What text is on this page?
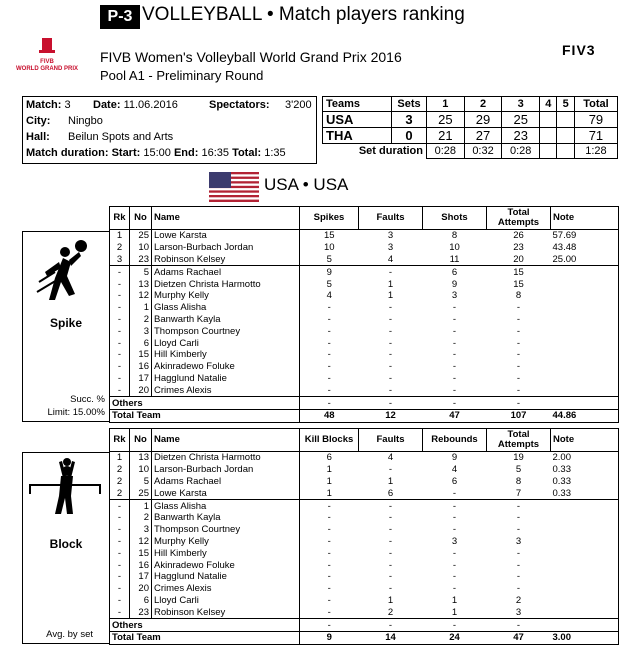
P-3 VOLLEYBALL • Match players ranking
FIVB Women's Volleyball World Grand Prix 2016
Pool A1 - Preliminary Round
FIVB
WORLD GRAND PRIX
FIV3
Match: 3 Date: 11.06.2016	Spectators: 3'200
City: Ningbo
Hall: Beilun Spots and Arts
Match duration: Start: 15:00 End: 16:35 Total: 1:35
Teams	Sets	1	2	3	4	5	Total
USA	3	25	29	25			79
THA	0	21	27	23			71
Set duration		0:28	0:32	0:28			1:28
USA • USA
Spike
Succ. %
Limit: 15.00%
Rk	No	Name	Spikes	Faults	Shots	Total Attempts	Note
1	25	Lowe Karsta	15	3	8	26	57.69
2	10	Larson-Burbach Jordan	10	3	10	23	43.48
3	23	Robinson Kelsey	5	4	11	20	25.00
-	5	Adams Rachael	9	-	6	15	
-	13	Dietzen Christa Harmotto	5	1	9	15	
-	12	Murphy Kelly	4	1	3	8	
-	1	Glass Alisha	-	-	-	-	
-	2	Banwarth Kayla	-	-	-	-	
-	3	Thompson Courtney	-	-	-	-	
-	6	Lloyd Carli	-	-	-	-	
-	15	Hill Kimberly	-	-	-	-	
-	16	Akinradewo Foluke	-	-	-	-	
-	17	Hagglund Natalie	-	-	-	-	
-	20	Crimes Alexis	-	-	-	-	
Others			-	-	-	-	
Total Team			48	12	47	107	44.86
Block
Avg. by set
Rk	No	Name	Kill Blocks	Faults	Rebounds	Total Attempts	Note
1	13	Dietzen Christa Harmotto	6	4	9	19	2.00
2	10	Larson-Burbach Jordan	1	-	4	5	0.33
2	5	Adams Rachael	1	1	6	8	0.33
2	25	Lowe Karsta	1	6	-	7	0.33
-	1	Glass Alisha	-	-	-	-	
-	2	Banwarth Kayla	-	-	-	-	
-	3	Thompson Courtney	-	-	-	-	
-	12	Murphy Kelly	-	-	3	3	
-	15	Hill Kimberly	-	-	-	-	
-	16	Akinradewo Foluke	-	-	-	-	
-	17	Hagglund Natalie	-	-	-	-	
-	20	Crimes Alexis	-	-	-	-	
-	6	Lloyd Carli	-	1	1	2	
-	23	Robinson Kelsey	-	2	1	3	
Others			-	-	-	-	
Total Team			9	14	24	47	3.00
